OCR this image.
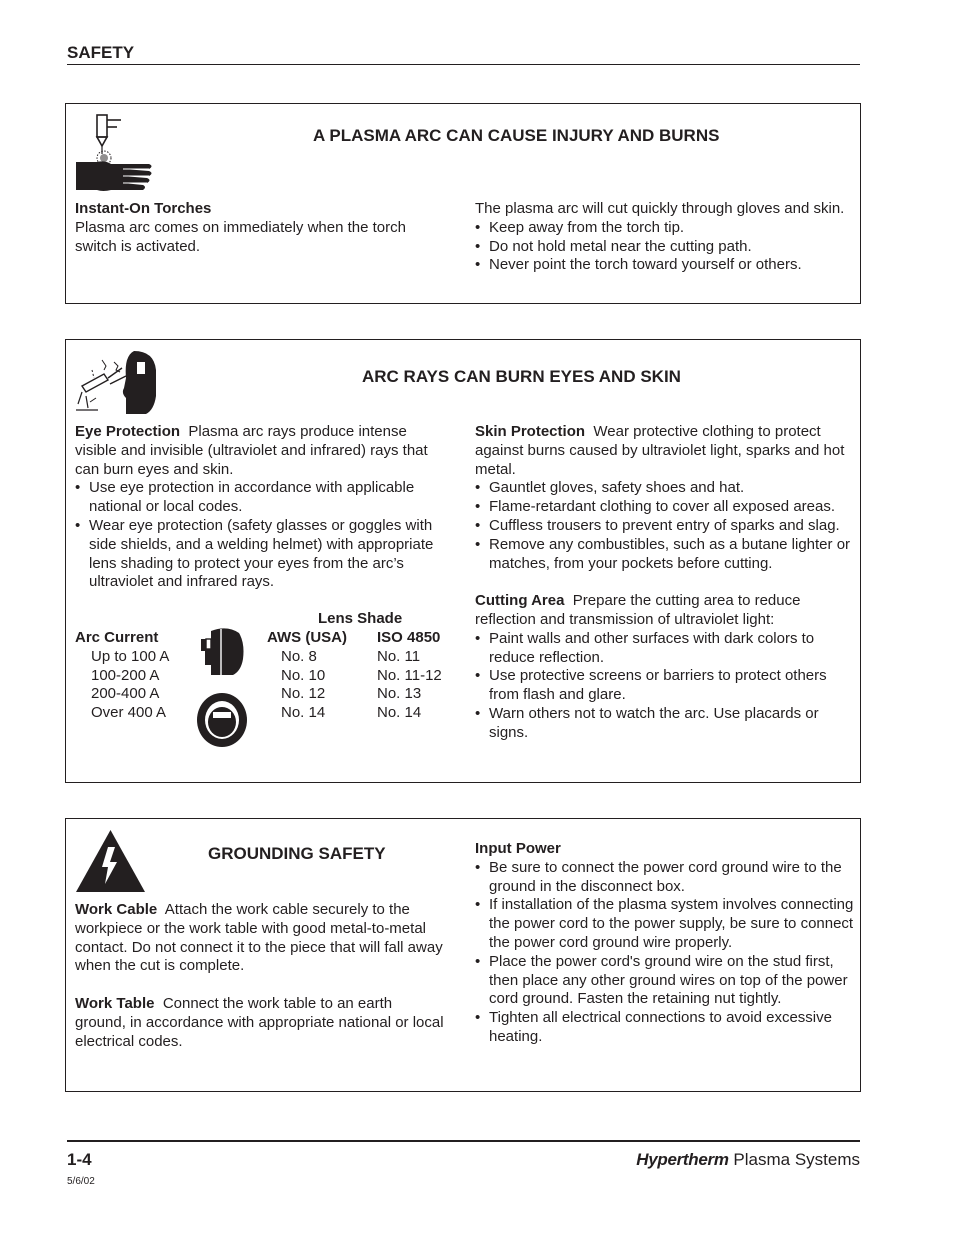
SAFETY
A PLASMA ARC CAN CAUSE INJURY AND BURNS

Instant-On Torches

Plasma arc comes on immediately when the torch switch is activated.

The plasma arc will cut quickly through gloves and skin.

• Keep away from the torch tip.
• Do not hold metal near the cutting path.
• Never point the torch toward yourself or others.
ARC RAYS CAN BURN EYES AND SKIN

Eye Protection Plasma arc rays produce intense visible and invisible (ultraviolet and infrared) rays that can burn eyes and skin.

• Use eye protection in accordance with applicable national or local codes.
• Wear eye protection (safety glasses or goggles with side shields, and a welding helmet) with appropriate lens shading to protect your eyes from the arc’s ultraviolet and infrared rays.
Lens Shade
Arc Current
Up to 100 A
100-200 A
200-400 A
Over 400 A
AWS (USA)
No. 8
No. 10
No. 12
No. 14
ISO 4850
No. 11
No. 11-12
No. 13
No. 14

Skin Protection Wear protective clothing to protect against burns caused by ultraviolet light, sparks and hot metal.

• Gauntlet gloves, safety shoes and hat.
• Flame-retardant clothing to cover all exposed areas.
• Cuffless trousers to prevent entry of sparks and slag.
• Remove any combustibles, such as a butane lighter or matches, from your pockets before cutting.

Cutting Area Prepare the cutting area to reduce reflection and transmission of ultraviolet light:

• Paint walls and other surfaces with dark colors to reduce reflection.
• Use protective screens or barriers to protect others from flash and glare.
• Warn others not to watch the arc. Use placards or signs.
GROUNDING SAFETY

Work Cable Attach the work cable securely to the workpiece or the work table with good metal-to-metal contact. Do not connect it to the piece that will fall away when the cut is complete.

Work Table Connect the work table to an earth ground, in accordance with appropriate national or local electrical codes.

Input Power

• Be sure to connect the power cord ground wire to the ground in the disconnect box.
• If installation of the plasma system involves connecting the power cord to the power supply, be sure to connect the power cord ground wire properly.
• Place the power cord's ground wire on the stud first, then place any other ground wires on top of the power cord ground. Fasten the retaining nut tightly.
• Tighten all electrical connections to avoid excessive heating.
1-4
5/6/02
Hypertherm Plasma Systems
